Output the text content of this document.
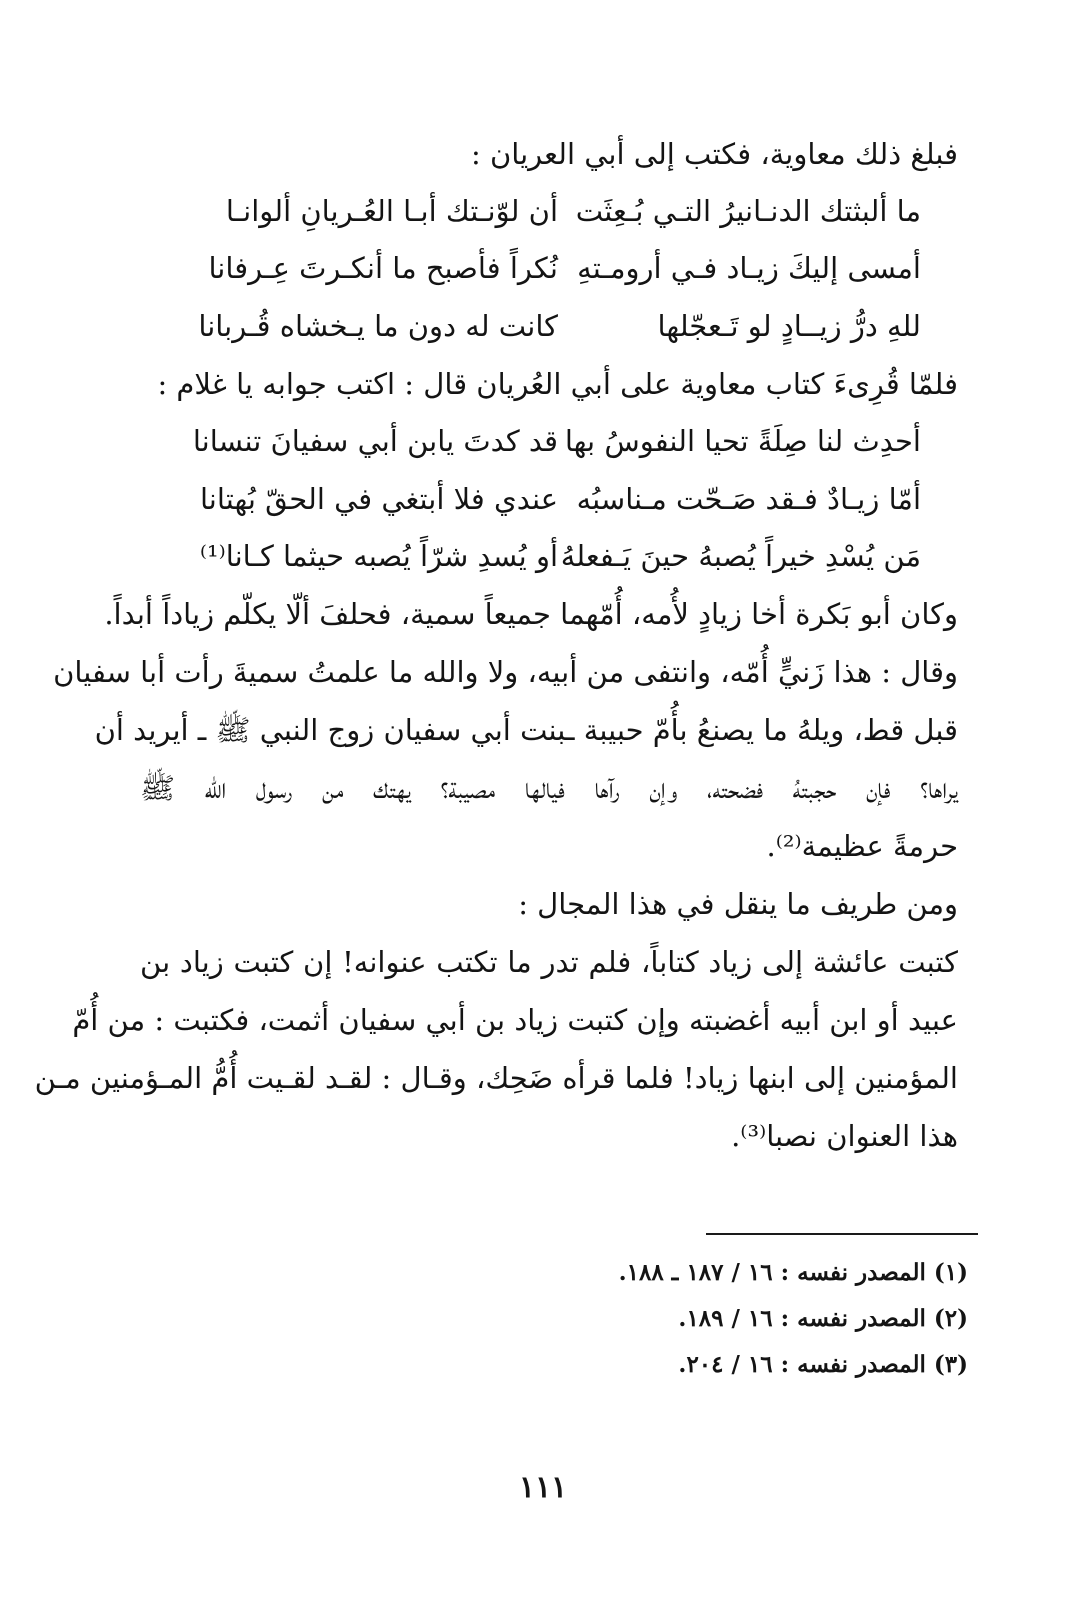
فبلغ ذلك معاوية، فكتب إلى أبي العريان :
ما ألبثتك الدنـانيرُ التـي بُـعِثَت
أن لوّنـتك أبـا العُـريانِ ألوانـا
أمسى إليكَ زيـاد فـي أرومـتهِ
نُكراً فأصبح ما أنكـرتَ عِـرفانا
للهِ درُّ زيــادٍ لو تَـعجّلها
كانت له دون ما يـخشاه قُـربانا
فلمّا قُرِىءَ كتاب معاوية على أبي العُريان قال : اكتب جوابه يا غلام :
أحدِث لنا صِلَةً تحيا النفوسُ بها
قد كدتَ يابن أبي سفيانَ تنسانا
أمّا زيـادٌ فـقد صَـحّت مـناسبُه
عندي فلا أبتغي في الحقّ بُهتانا
مَن يُسْدِ خيراً يُصبهُ حينَ يَـفعلهُ
أو يُسدِ شرّاً يُصبه حيثما كـانا⁽¹⁾
وكان أبو بَكرة أخا زيادٍ لأُمه، أُمّهما جميعاً سمية، فحلفَ ألّا يكلّم زياداً أبداً.
وقال : هذا زَنيٍّ أُمّه، وانتفى من أبيه، ولا والله ما علمتُ سميةَ رأت أبا سفيان
قبل قط، ويلهُ ما يصنعُ بأُمّ حبيبة ـبنت أبي سفيان زوج النبي ﷺ ـ أيريد أن
يراها؟ فإن حجبتهُ فضحته، وإن رآها فيالها مصيبة؟ يهتك من رسول الله ﷺ
حرمةً عظيمة⁽²⁾.
ومن طريف ما ينقل في هذا المجال :
كتبت عائشة إلى زياد كتاباً، فلم تدر ما تكتب عنوانه! إن كتبت زياد بن
عبيد أو ابن أبيه أغضبته وإن كتبت زياد بن أبي سفيان أثمت، فكتبت : من أُمّ
المؤمنين إلى ابنها زياد! فلما قرأه ضَحِك، وقـال : لقـد لقـيت أُمُّ المـؤمنين مـن
هذا العنوان نصبا⁽³⁾.
(١) المصدر نفسه : ١٦ / ١٨٧ ـ ١٨٨.
(٢) المصدر نفسه : ١٦ / ١٨٩.
(٣) المصدر نفسه : ١٦ / ٢٠٤.
١١١
